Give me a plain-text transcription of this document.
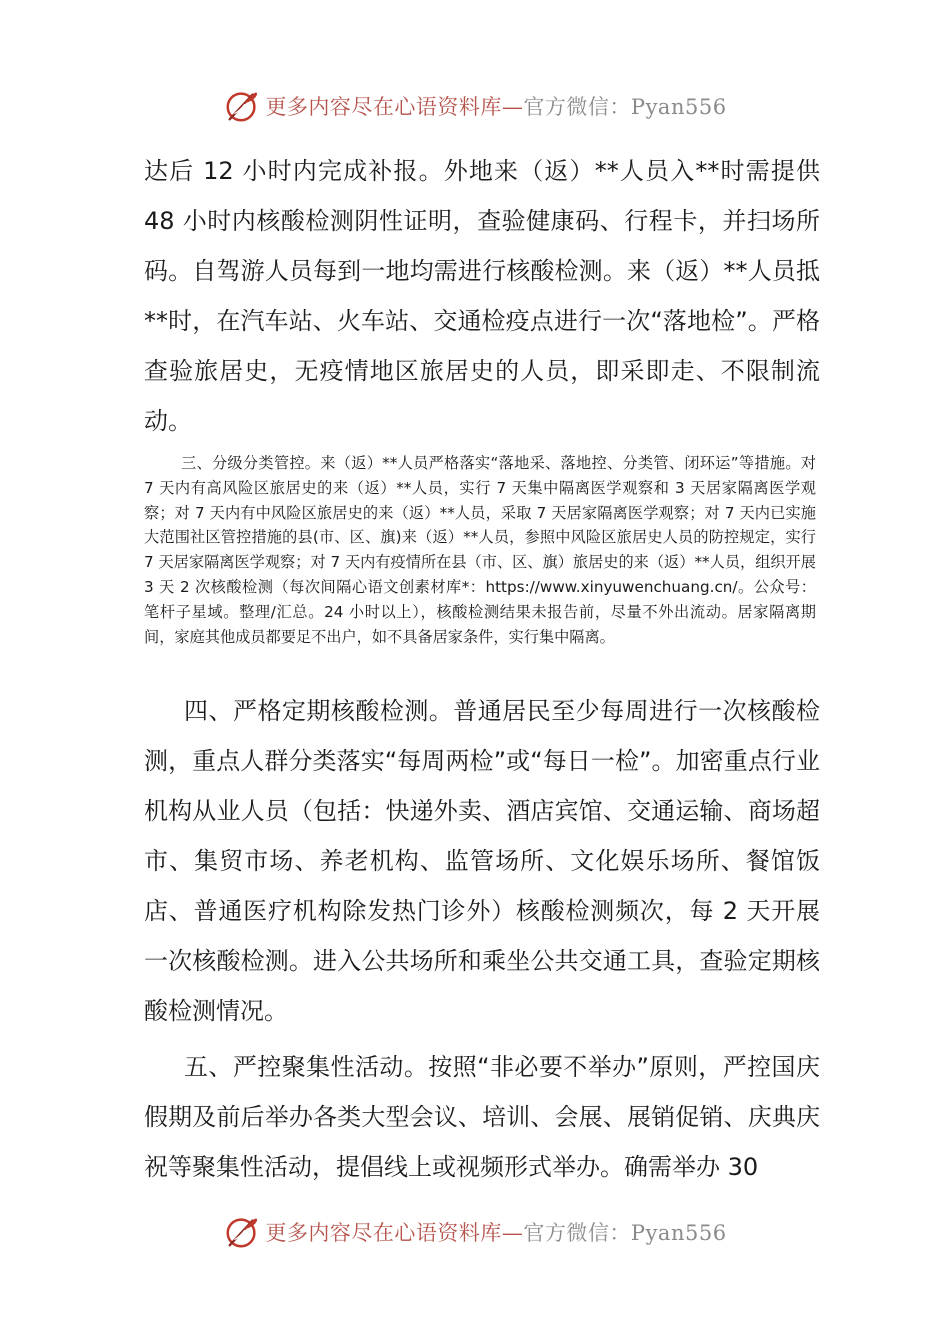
更多内容尽在心语资料库—官方微信：Pyan556

达后 12 小时内完成补报。外地来（返）**人员入**时需提供 48 小时内核酸检测阴性证明，查验健康码、行程卡，并扫场所码。自驾游人员每到一地均需进行核酸检测。来（返）**人员抵**时，在汽车站、火车站、交通检疫点进行一次“落地检”。严格查验旅居史，无疫情地区旅居史的人员，即采即走、不限制流动。

三、分级分类管控。来（返）**人员严格落实“落地采、落地控、分类管、闭环运”等措施。对 7 天内有高风险区旅居史的来（返）**人员，实行 7 天集中隔离医学观察和 3 天居家隔离医学观察；对 7 天内有中风险区旅居史的来（返）**人员，采取 7 天居家隔离医学观察；对 7 天内已实施大范围社区管控措施的县(市、区、旗)来（返）**人员，参照中风险区旅居史人员的防控规定，实行 7 天居家隔离医学观察；对 7 天内有疫情所在县（市、区、旗）旅居史的来（返）**人员，组织开展 3 天 2 次核酸检测（每次间隔心语文创素材库*：https://www.xinyuwenchuang.cn/。公众号：笔杆子星域。整理/汇总。24 小时以上），核酸检测结果未报告前，尽量不外出流动。居家隔离期间，家庭其他成员都要足不出户，如不具备居家条件，实行集中隔离。

四、严格定期核酸检测。普通居民至少每周进行一次核酸检测，重点人群分类落实“每周两检”或“每日一检”。加密重点行业机构从业人员（包括：快递外卖、酒店宾馆、交通运输、商场超市、集贸市场、养老机构、监管场所、文化娱乐场所、餐馆饭店、普通医疗机构除发热门诊外）核酸检测频次，每 2 天开展一次核酸检测。进入公共场所和乘坐公共交通工具，查验定期核酸检测情况。

五、严控聚集性活动。按照“非必要不举办”原则，严控国庆假期及前后举办各类大型会议、培训、会展、展销促销、庆典庆祝等聚集性活动，提倡线上或视频形式举办。确需举办 30

更多内容尽在心语资料库—官方微信：Pyan556
